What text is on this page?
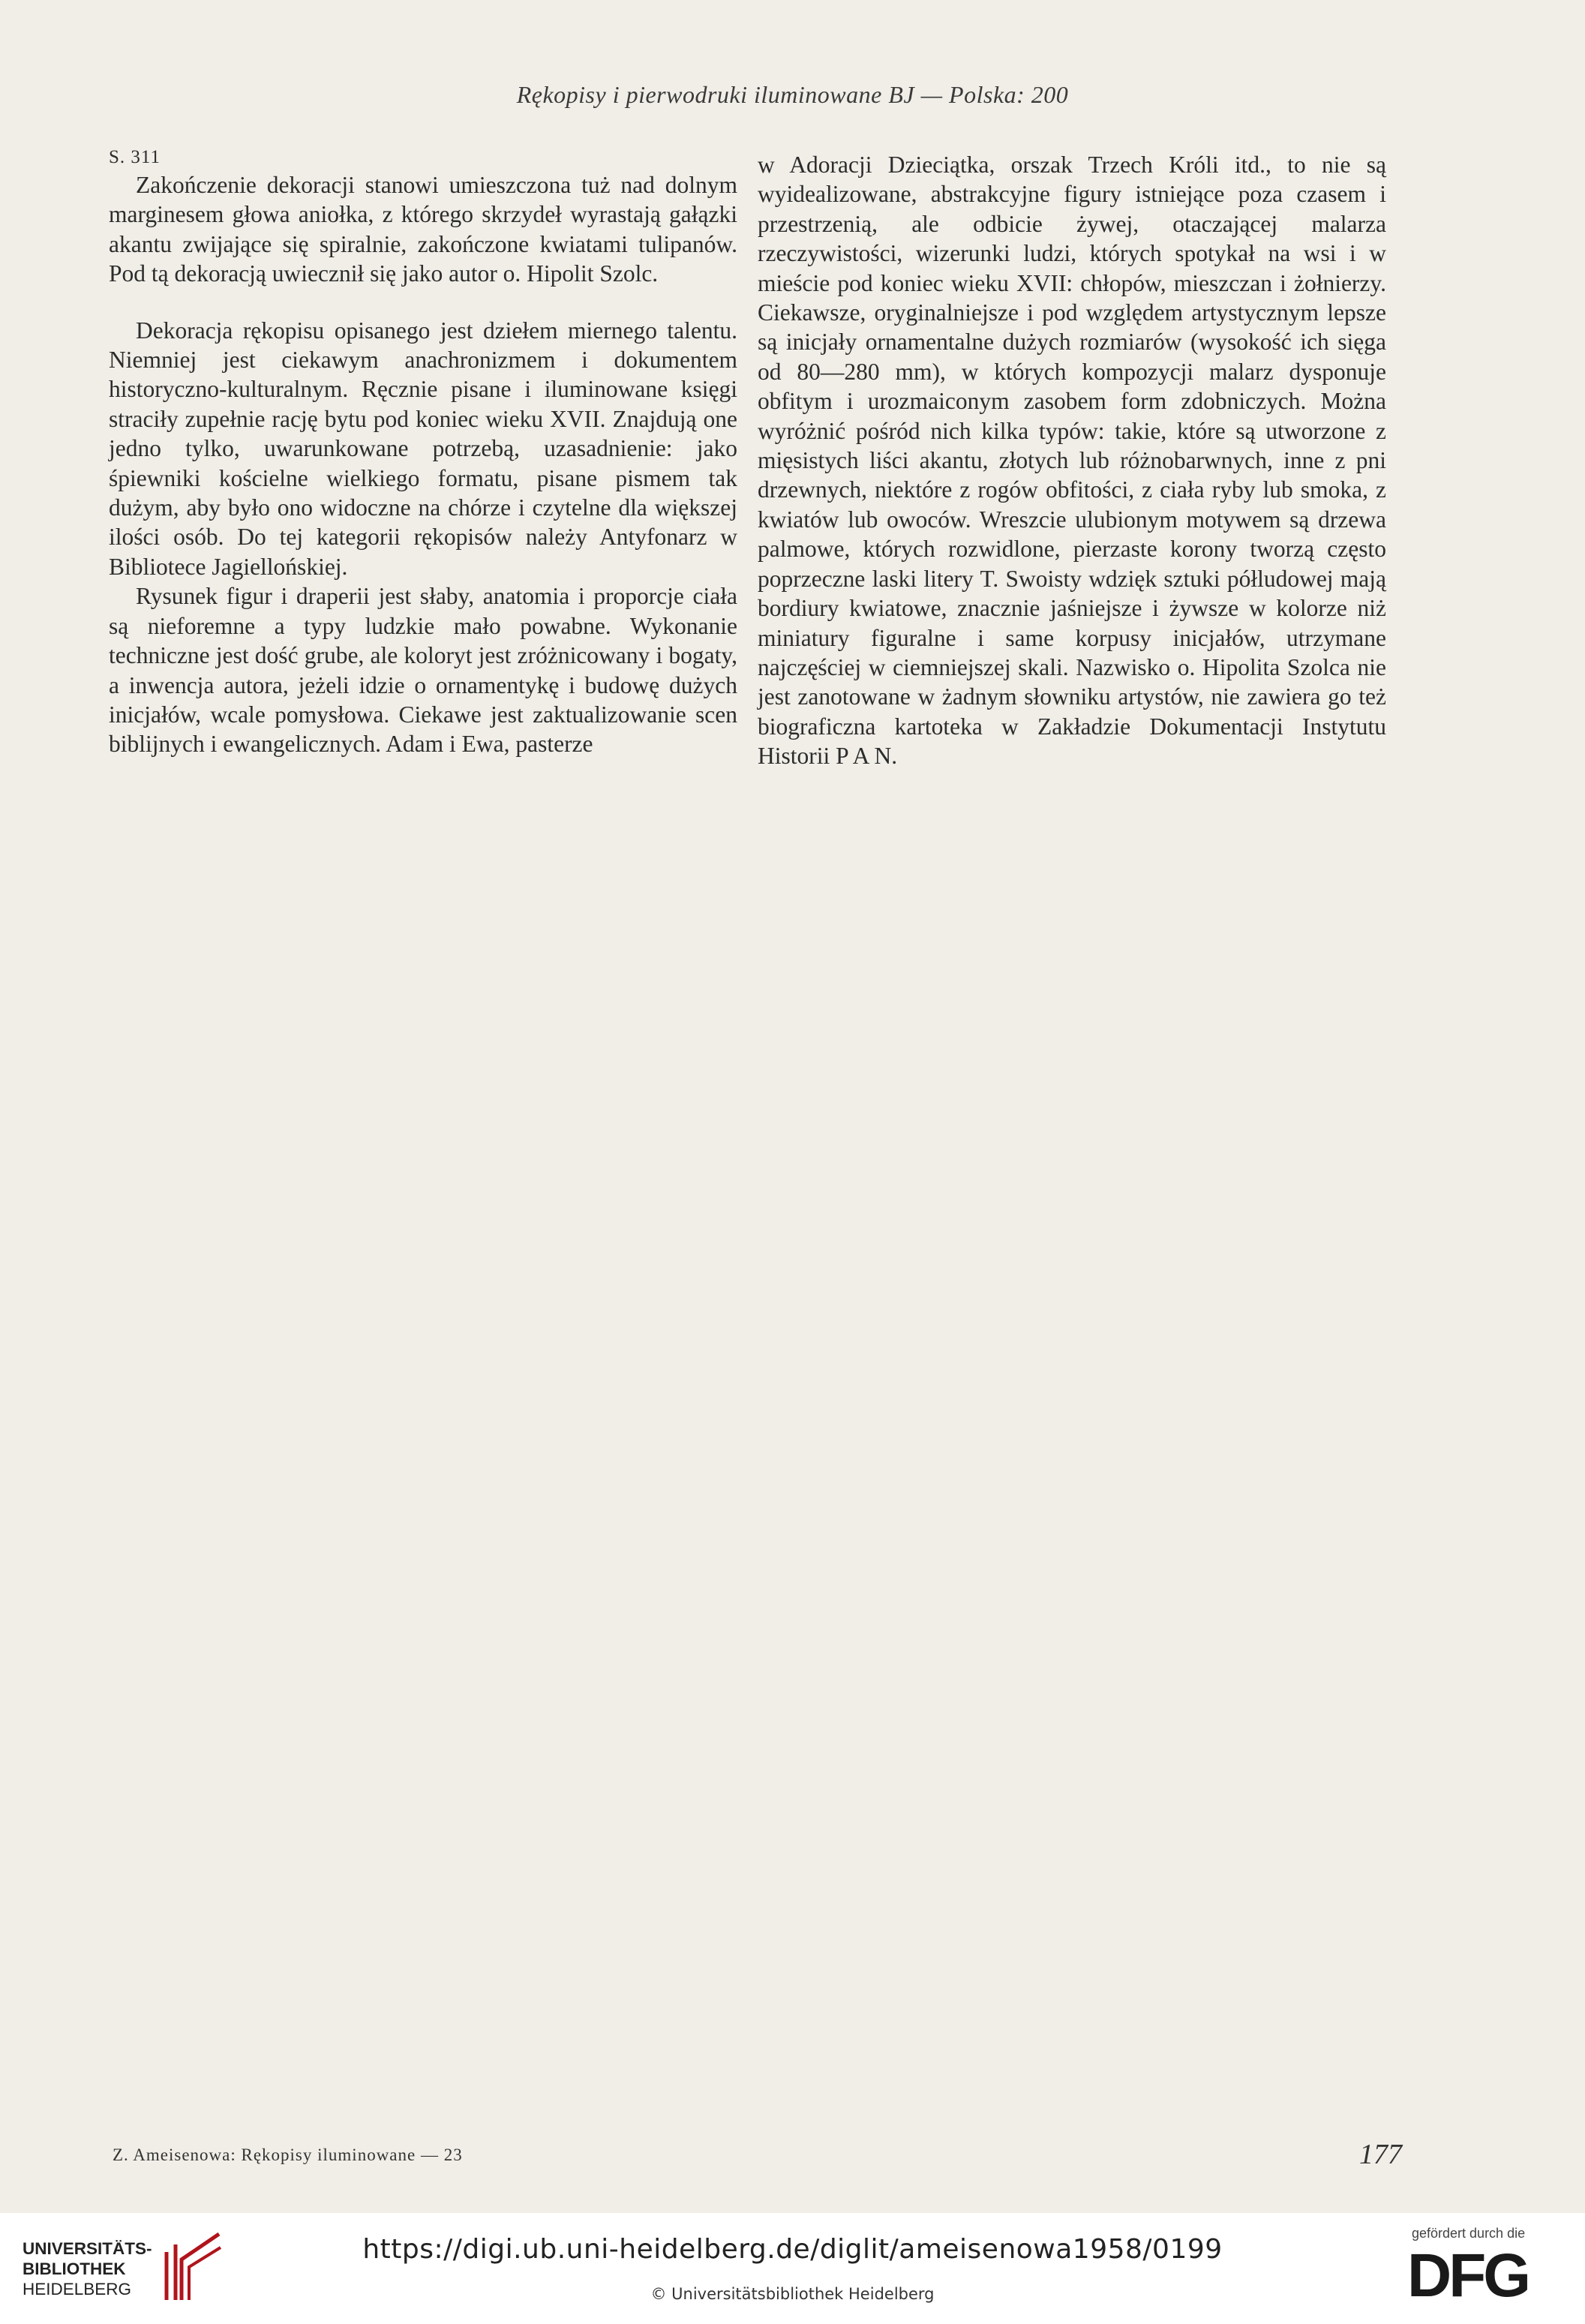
Rękopisy i pierwodruki iluminowane BJ — Polska: 200
S. 311

Zakończenie dekoracji stanowi umieszczona tuż nad dolnym marginesem głowa aniołka, z którego skrzydeł wyrastają gałązki akantu zwijające się spiralnie, zakończone kwiatami tulipanów. Pod tą dekoracją uwiecznił się jako autor o. Hipolit Szolc.

Dekoracja rękopisu opisanego jest dziełem miernego talentu. Niemniej jest ciekawym anachronizmem i dokumentem historyczno-kulturalnym. Ręcznie pisane i iluminowane księgi straciły zupełnie rację bytu pod koniec wieku XVII. Znajdują one jedno tylko, uwarunkowane potrzebą, uzasadnienie: jako śpiewniki kościelne wielkiego formatu, pisane pismem tak dużym, aby było ono widoczne na chórze i czytelne dla większej ilości osób. Do tej kategorii rękopisów należy Antyfonarz w Bibliotece Jagiellońskiej.

Rysunek figur i draperii jest słaby, anatomia i proporcje ciała są nieforemne a typy ludzkie mało powabne. Wykonanie techniczne jest dość grube, ale koloryt jest zróżnicowany i bogaty, a inwencja autora, jeżeli idzie o ornamentykę i budowę dużych inicjałów, wcale pomysłowa. Ciekawe jest zaktualizowanie scen biblijnych i ewangelicznych. Adam i Ewa, pasterze

w Adoracji Dzieciątka, orszak Trzech Króli itd., to nie są wyidealizowane, abstrakcyjne figury istniejące poza czasem i przestrzenią, ale odbicie żywej, otaczającej malarza rzeczywistości, wizerunki ludzi, których spotykał na wsi i w mieście pod koniec wieku XVII: chłopów, mieszczan i żołnierzy. Ciekawsze, oryginalniejsze i pod względem artystycznym lepsze są inicjały ornamentalne dużych rozmiarów (wysokość ich sięga od 80—280 mm), w których kompozycji malarz dysponuje obfitym i urozmaiconym zasobem form zdobniczych. Można wyróżnić pośród nich kilka typów: takie, które są utworzone z mięsistych liści akantu, złotych lub różnobarwnych, inne z pni drzewnych, niektóre z rogów obfitości, z ciała ryby lub smoka, z kwiatów lub owoców. Wreszcie ulubionym motywem są drzewa palmowe, których rozwidlone, pierzaste korony tworzą często poprzeczne laski litery T. Swoisty wdzięk sztuki półludowej mają bordiury kwiatowe, znacznie jaśniejsze i żywsze w kolorze niż miniatury figuralne i same korpusy inicjałów, utrzymane najczęściej w ciemniejszej skali. Nazwisko o. Hipolita Szolca nie jest zanotowane w żadnym słowniku artystów, nie zawiera go też biograficzna kartoteka w Zakładzie Dokumentacji Instytutu Historii P A N.

Z. Ameisenowa: Rękopisy iluminowane — 23	177
UNIVERSITÄTS-
BIBLIOTHEK
HEIDELBERG
https://digi.ub.uni-heidelberg.de/diglit/ameisenowa1958/0199
© Universitätsbibliothek Heidelberg
gefördert durch die
DFG
